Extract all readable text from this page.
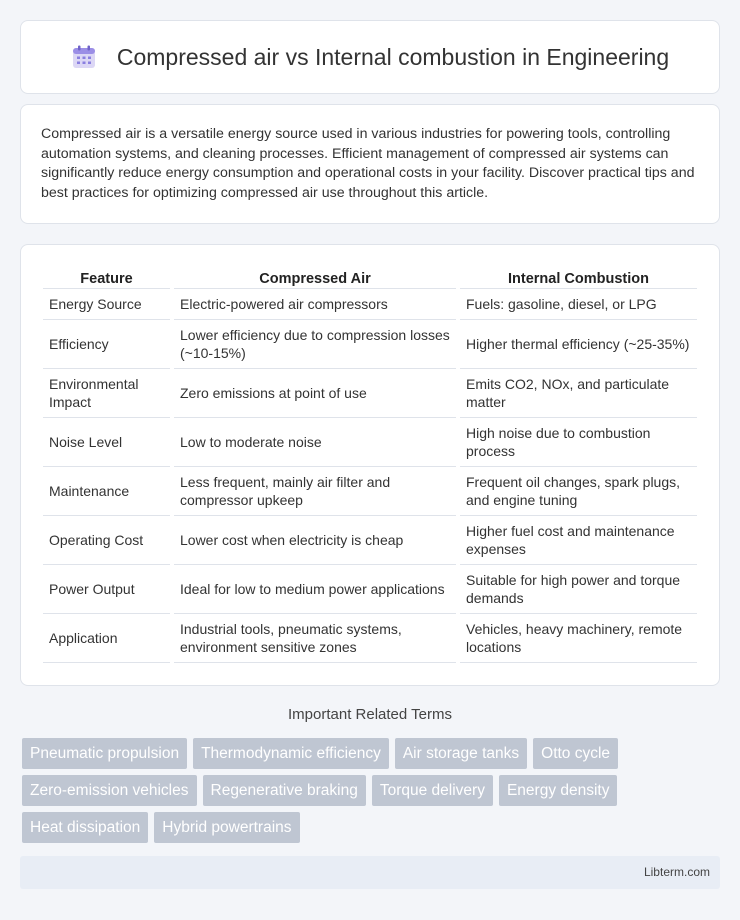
Compressed air vs Internal combustion in Engineering

Compressed air is a versatile energy source used in various industries for powering tools, controlling automation systems, and cleaning processes. Efficient management of compressed air systems can significantly reduce energy consumption and operational costs in your facility. Discover practical tips and best practices for optimizing compressed air use throughout this article.

Feature	Compressed Air	Internal Combustion
Energy Source	Electric-powered air compressors	Fuels: gasoline, diesel, or LPG
Efficiency	Lower efficiency due to compression losses (~10-15%)	Higher thermal efficiency (~25-35%)
Environmental Impact	Zero emissions at point of use	Emits CO2, NOx, and particulate matter
Noise Level	Low to moderate noise	High noise due to combustion process
Maintenance	Less frequent, mainly air filter and compressor upkeep	Frequent oil changes, spark plugs, and engine tuning
Operating Cost	Lower cost when electricity is cheap	Higher fuel cost and maintenance expenses
Power Output	Ideal for low to medium power applications	Suitable for high power and torque demands
Application	Industrial tools, pneumatic systems, environment sensitive zones	Vehicles, heavy machinery, remote locations
Important Related Terms
Pneumatic propulsion	Thermodynamic efficiency	Air storage tanks	Otto cycle
Zero-emission vehicles	Regenerative braking	Torque delivery	Energy density
Heat dissipation	Hybrid powertrains
Libterm.com
